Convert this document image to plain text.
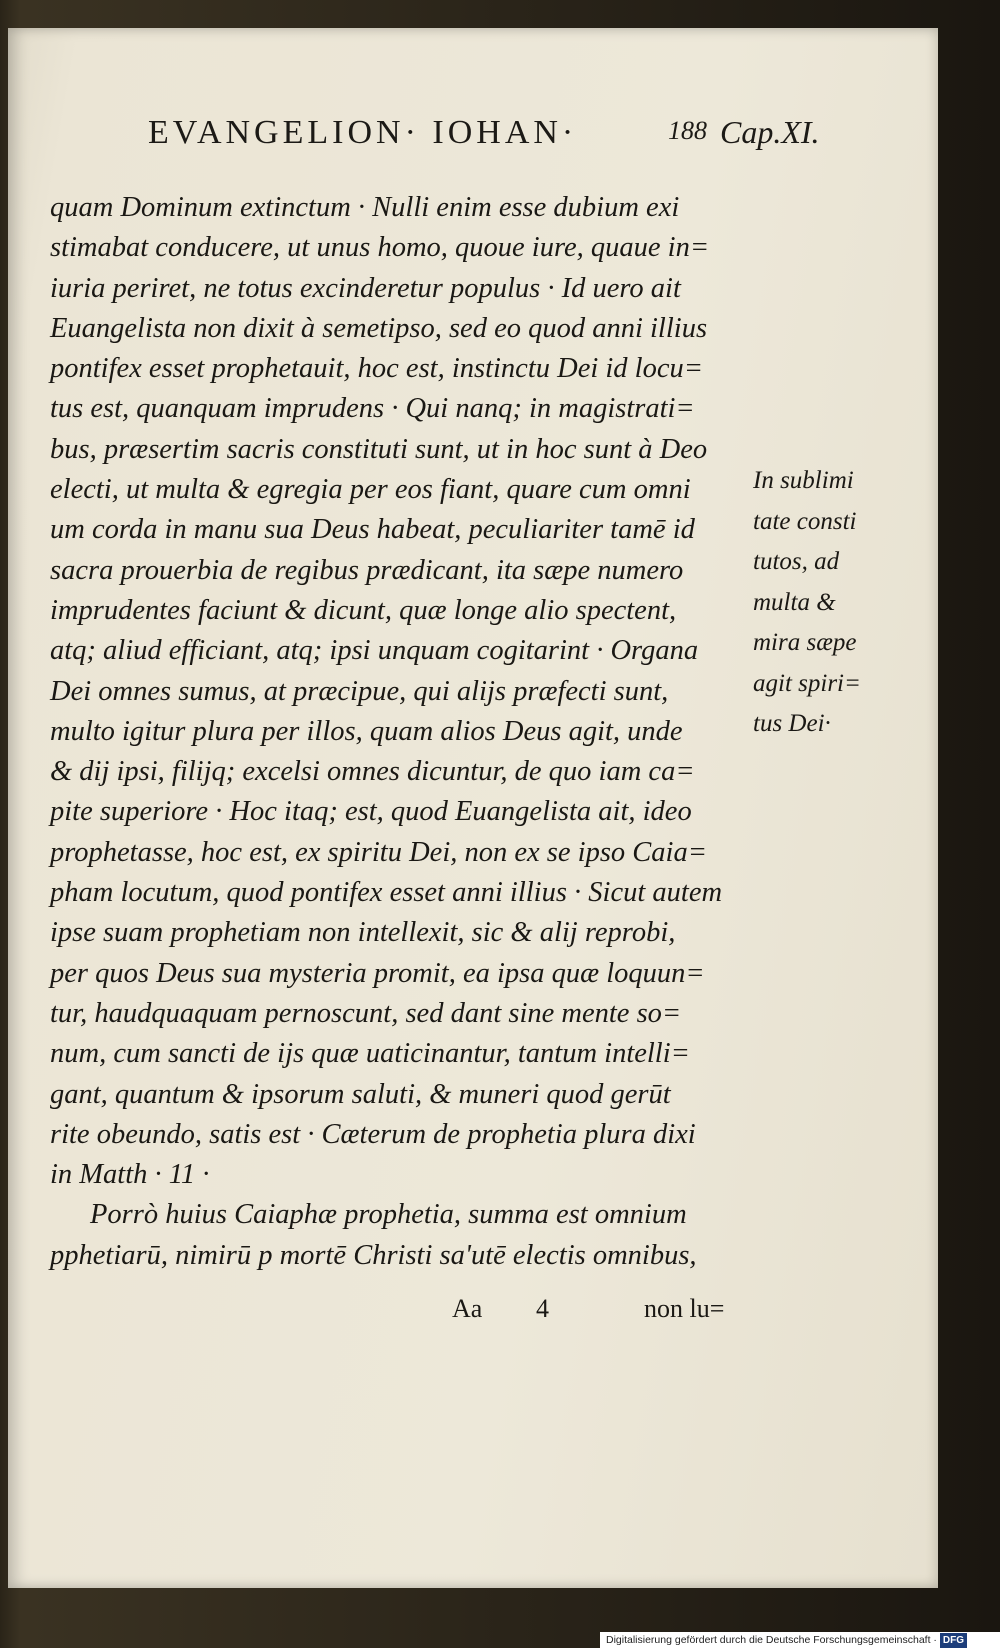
EVANGELION· IOHAN·	188 Cap.XI.
quam Dominum extinctum · Nulli enim esse dubium exi
stimabat conducere, ut unus homo, quoue iure, quaue in=
iuria periret, ne totus excinderetur populus · Id uero ait
Euangelista non dixit à semetipso, sed eo quod anni illius
pontifex esset prophetauit, hoc est, instinctu Dei id locu=
tus est, quanquam imprudens · Qui nanq; in magistrati=
bus, præsertim sacris constituti sunt, ut in hoc sunt à Deo
electi, ut multa & egregia per eos fiant, quare cum omni
um corda in manu sua Deus habeat, peculiariter tamē id
sacra prouerbia de regibus prædicant, ita sæpe numero
imprudentes faciunt & dicunt, quæ longe alio spectent,
atq; aliud efficiant, atq; ipsi unquam cogitarint · Organa
Dei omnes sumus, at præcipue, qui alijs præfecti sunt,
multo igitur plura per illos, quam alios Deus agit, unde
& dij ipsi, filijq; excelsi omnes dicuntur, de quo iam ca=
pite superiore · Hoc itaq; est, quod Euangelista ait, ideo
prophetasse, hoc est, ex spiritu Dei, non ex se ipso Caia=
pham locutum, quod pontifex esset anni illius · Sicut autem
ipse suam prophetiam non intellexit, sic & alij reprobi,
per quos Deus sua mysteria promit, ea ipsa quæ loquun=
tur, haudquaquam pernoscunt, sed dant sine mente so=
num, cum sancti de ijs quæ uaticinantur, tantum intelli=
gant, quantum & ipsorum saluti, & muneri quod gerūt
rite obeundo, satis est · Cæterum de prophetia plura dixi
in Matth · 11 ·
Porrò huius Caiaphæ prophetia, summa est omnium
pphetiarū, nimirū p mortē Christi sa'utē electis omnibus,
In sublimi
tate consti
tutos, ad
multa &
mira sæpe
agit spiri=
tus Dei·
Aa 4	non lu=
Digitalisierung gefördert durch die Deutsche Forschungsgemeinschaft · DFG
